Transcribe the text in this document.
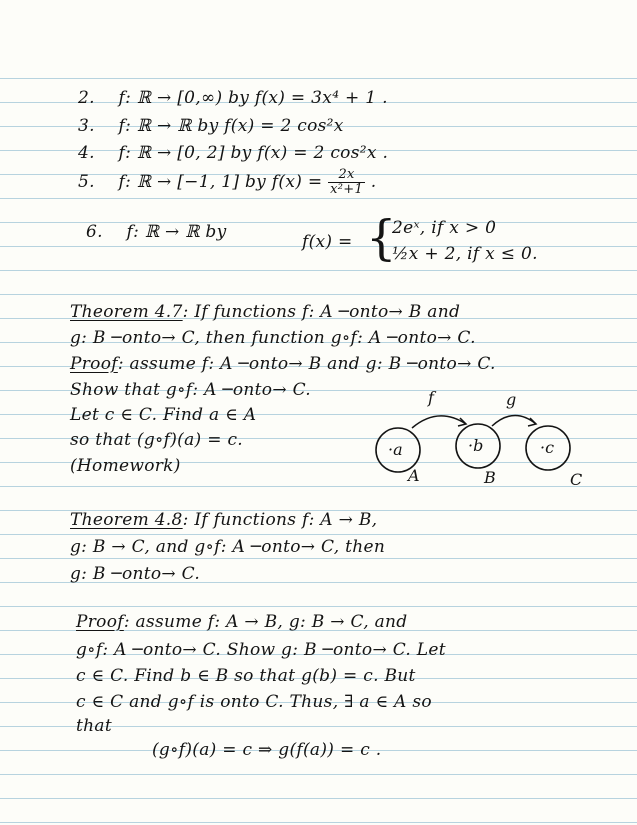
2. f: ℝ → [0,∞) by f(x) = 3x⁴ + 1 .
3. f: ℝ → ℝ by f(x) = 2 cos²x
4. f: ℝ → [0, 2] by f(x) = 2 cos²x .
5. f: ℝ → [−1, 1] by $f(x) = \frac{2x}{\text{x²+1}}$ .
6. f: ℝ → ℝ by	f(x) = {
2eˣ, if x > 0
½x + 2, if x ≤ 0.
Theorem 4.7: If functions f: A ─onto→ B and
g: B ─onto→ C, then function g∘f: A ─onto→ C.
Proof: assume f: A ─onto→ B and g: B ─onto→ C.
Show that g∘f: A ─onto→ C.
Let c ∈ C. Find a ∈ A
so that (g∘f)(a) = c.
(Homework)
f	g
·a	·b	·c
A	B	C
Theorem 4.8: If functions f: A → B,
g: B → C, and g∘f: A ─onto→ C, then
g: B ─onto→ C.
Proof: assume f: A → B, g: B → C, and
g∘f: A ─onto→ C. Show g: B ─onto→ C. Let
c ∈ C. Find b ∈ B so that g(b) = c. But
c ∈ C and g∘f is onto C. Thus, ∃ a ∈ A so
that
(g∘f)(a) = c ⇒ g(f(a)) = c .
